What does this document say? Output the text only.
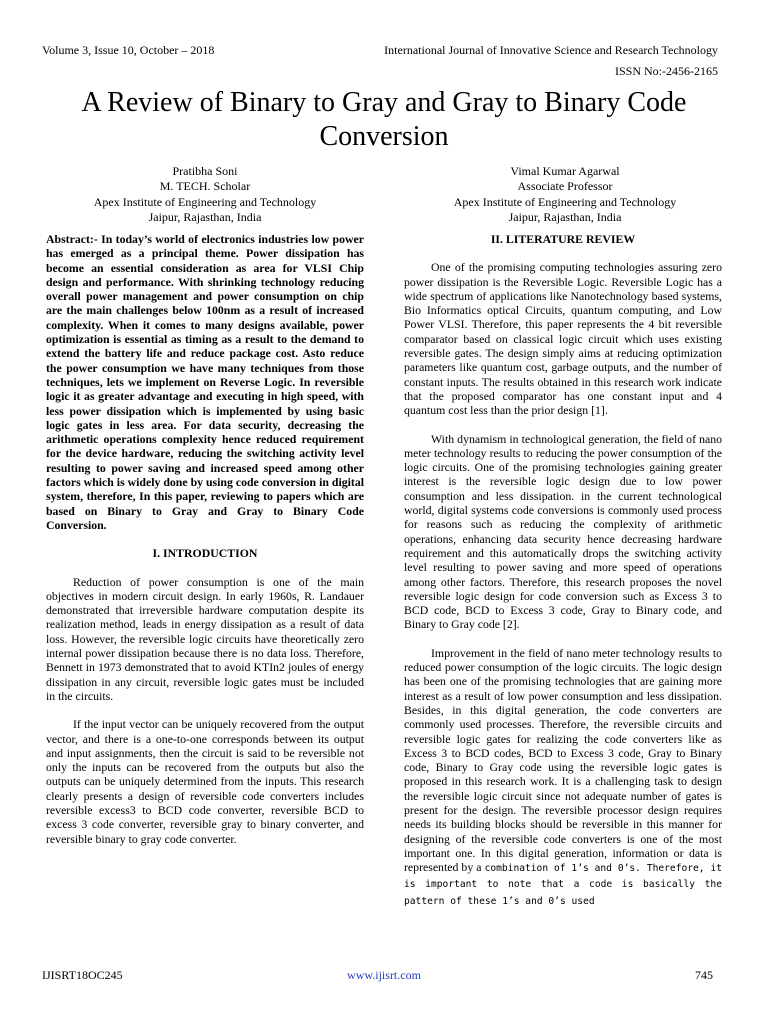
Volume 3, Issue 10, October – 2018	International Journal of Innovative Science and Research Technology
ISSN No:-2456-2165
A Review of Binary to Gray and Gray to Binary Code Conversion
Pratibha Soni
M. TECH. Scholar
Apex Institute of Engineering and Technology
Jaipur, Rajasthan, India
Vimal Kumar Agarwal
Associate Professor
Apex Institute of Engineering and Technology
Jaipur, Rajasthan, India

Abstract:- In today’s world of electronics industries low power has emerged as a principal theme. Power dissipation has become an essential consideration as area for VLSI Chip design and performance. With shrinking technology reducing overall power management and power consumption on chip are the main challenges below 100nm as a result of increased complexity. When it comes to many designs available, power optimization is essential as timing as a result to the demand to extend the battery life and reduce package cost. Asto reduce the power consumption we have many techniques from those techniques, lets we implement on Reverse Logic. In reversible logic it as greater advantage and executing in high speed, with less power dissipation which is implemented by using basic logic gates in less area. For data security, decreasing the arithmetic operations complexity hence reduced requirement for the device hardware, reducing the switching activity level resulting to power saving and increased speed among other factors which is widely done by using code conversion in digital system, therefore, In this paper, reviewing to papers which are based on Binary to Gray and Gray to Binary Code Conversion.

I. INTRODUCTION

Reduction of power consumption is one of the main objectives in modern circuit design. In early 1960s, R. Landauer demonstrated that irreversible hardware computation despite its realization method, leads in energy dissipation as a result of data loss. However, the reversible logic circuits have theoretically zero internal power dissipation because there is no data loss. Therefore, Bennett in 1973 demonstrated that to avoid KTIn2 joules of energy dissipation in any circuit, reversible logic gates must be included in the circuits.

If the input vector can be uniquely recovered from the output vector, and there is a one-to-one corresponds between its output and input assignments, then the circuit is said to be reversible not only the inputs can be recovered from the outputs but also the outputs can be uniquely determined from the inputs. This research clearly presents a design of reversible code converters includes reversible excess3 to BCD code converter, reversible BCD to excess 3 code converter, reversible gray to binary converter, and reversible binary to gray code converter.

II. LITERATURE REVIEW

One of the promising computing technologies assuring zero power dissipation is the Reversible Logic. Reversible Logic has a wide spectrum of applications like Nanotechnology based systems, Bio Informatics optical Circuits, quantum computing, and Low Power VLSI. Therefore, this paper represents the 4 bit reversible comparator based on classical logic circuit which uses existing reversible gates. The design simply aims at reducing optimization parameters like quantum cost, garbage outputs, and the number of constant inputs. The results obtained in this research work indicate that the proposed comparator has one constant input and 4 quantum cost less than the prior design [1].

With dynamism in technological generation, the field of nano meter technology results to reducing the power consumption of the logic circuits. One of the promising technologies gaining greater interest is the reversible logic design due to low power consumption and less dissipation. in the current technological world, digital systems code conversions is commonly used process for reasons such as reducing the complexity of arithmetic operations, enhancing data security hence decreasing hardware requirement and this automatically drops the switching activity level resulting to power saving and more speed of operations among other factors. Therefore, this research proposes the novel reversible logic design for code conversion such as Excess 3 to BCD code, BCD to Excess 3 code, Gray to Binary code, and Binary to Gray code [2].

Improvement in the field of nano meter technology results to reduced power consumption of the logic circuits. The logic design has been one of the promising technologies that are gaining more interest as a result of low power consumption and less dissipation. Besides, in this digital generation, the code converters are commonly used processes. Therefore, the reversible circuits and reversible logic gates for realizing the code converters like as Excess 3 to BCD codes, BCD to Excess 3 code, Gray to Binary code, Binary to Gray code using the reversible logic gates is proposed in this research work. It is a challenging task to design the reversible logic circuit since not adequate number of gates is present for the design. The reversible processor design requires needs its building blocks should be reversible in this manner for designing of the reversible code converters is one of the most important one. In this digital generation, information or data is represented by a combination of 1’s and 0’s. Therefore, it is important to note that a code is basically the pattern of these 1’s and 0’s used

IJISRT18OC245	www.ijisrt.com	745
